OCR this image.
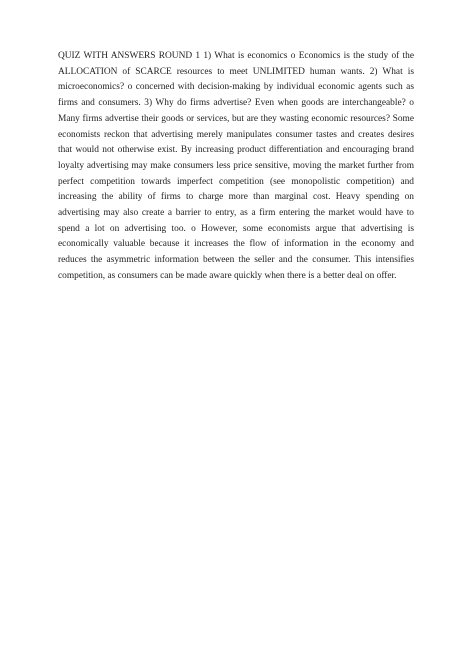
QUIZ WITH ANSWERS ROUND 1 1) What is economics o Economics is the study of the ALLOCATION of SCARCE resources to meet UNLIMITED human wants. 2) What is microeconomics? o concerned with decision-making by individual economic agents such as firms and consumers. 3) Why do firms advertise? Even when goods are interchangeable? o Many firms advertise their goods or services, but are they wasting economic resources? Some economists reckon that advertising merely manipulates consumer tastes and creates desires that would not otherwise exist. By increasing product differentiation and encouraging brand loyalty advertising may make consumers less price sensitive, moving the market further from perfect competition towards imperfect competition (see monopolistic competition) and increasing the ability of firms to charge more than marginal cost. Heavy spending on advertising may also create a barrier to entry, as a firm entering the market would have to spend a lot on advertising too. o However, some economists argue that advertising is economically valuable because it increases the flow of information in the economy and reduces the asymmetric information between the seller and the consumer. This intensifies competition, as consumers can be made aware quickly when there is a better deal on offer.
